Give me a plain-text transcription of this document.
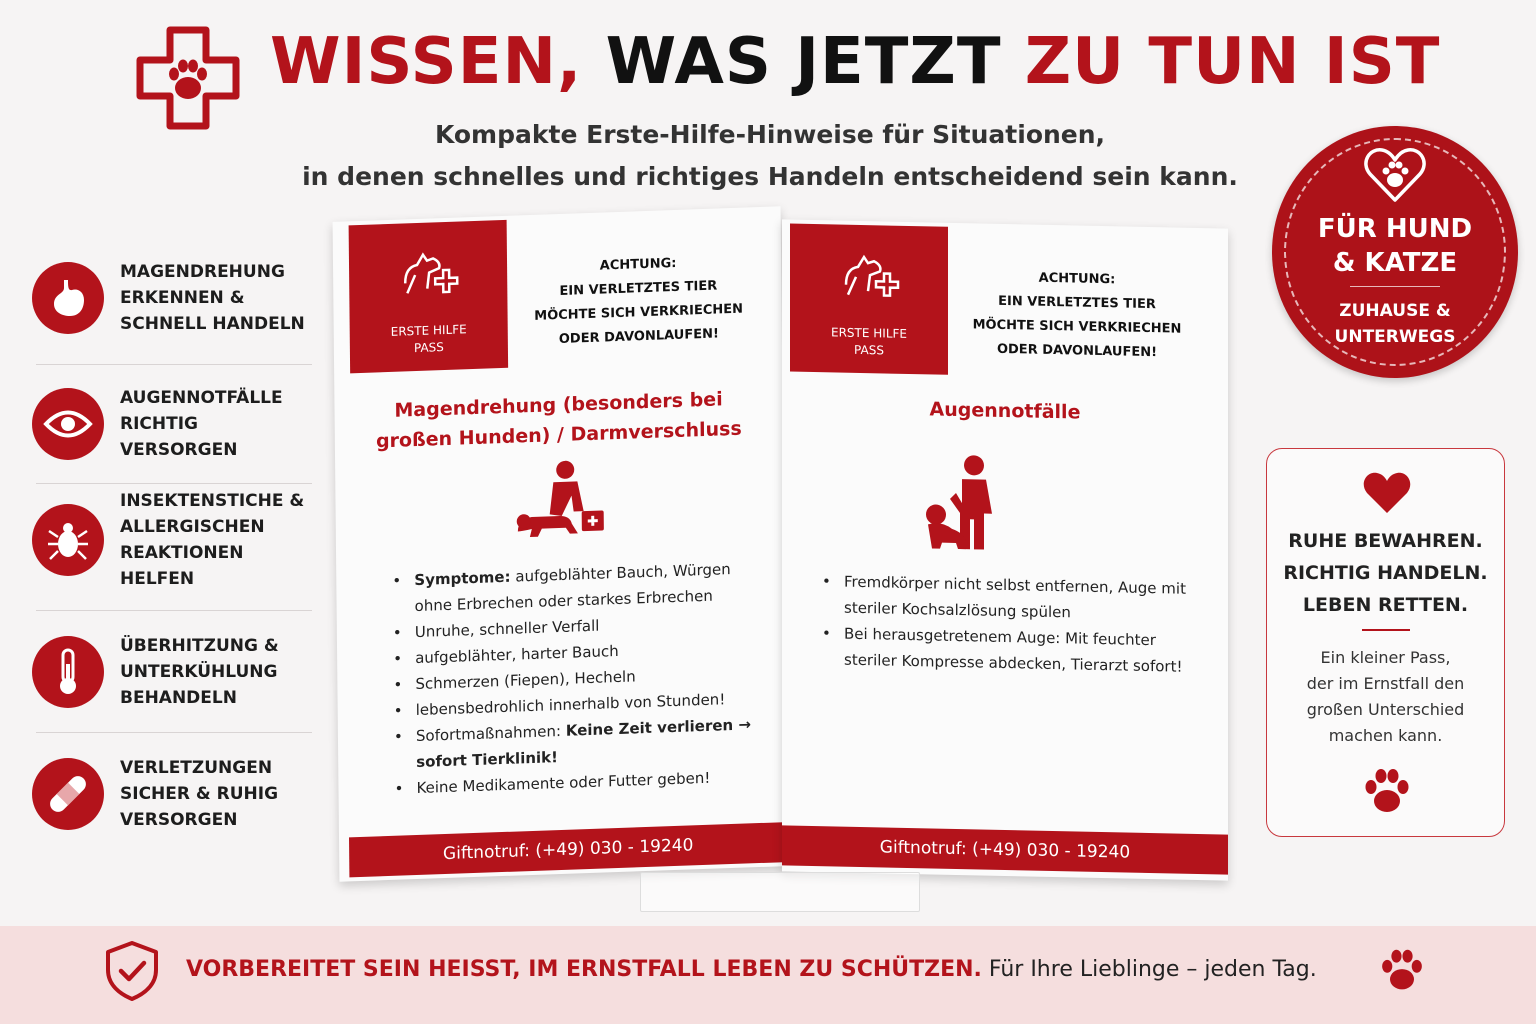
WISSEN, WAS JETZT ZU TUN IST
Kompakte Erste-Hilfe-Hinweise für Situationen,
in denen schnelles und richtiges Handeln entscheidend sein kann.
MAGENDREHUNG
ERKENNEN &
SCHNELL HANDELN
AUGENNOTFÄLLE
RICHTIG VERSORGEN
INSEKTENSTICHE &
ALLERGISCHEN
REAKTIONEN HELFEN
ÜBERHITZUNG &
UNTERKÜHLUNG
BEHANDELN
VERLETZUNGEN
SICHER & RUHIG
VERSORGEN
ERSTE HILFE
PASS
ACHTUNG:
EIN VERLETZTES TIER
MÖCHTE SICH VERKRIECHEN
ODER DAVONLAUFEN!
Magendrehung (besonders bei
großen Hunden) / Darmverschluss
• Symptome: aufgeblähter Bauch, Würgen ohne Erbrechen oder starkes Erbrechen
• Unruhe, schneller Verfall
• aufgeblähter, harter Bauch
• Schmerzen (Fiepen), Hecheln
• lebensbedrohlich innerhalb von Stunden!
• Sofortmaßnahmen: Keine Zeit verlieren → sofort Tierklinik!
• Keine Medikamente oder Futter geben!
Giftnotruf: (+49) 030 - 19240
ERSTE HILFE
PASS
ACHTUNG:
EIN VERLETZTES TIER
MÖCHTE SICH VERKRIECHEN
ODER DAVONLAUFEN!
Augennotfälle
• Fremdkörper nicht selbst entfernen, Auge mit steriler Kochsalzlösung spülen
• Bei herausgetretenem Auge: Mit feuchter steriler Kompresse abdecken, Tierarzt sofort!
Giftnotruf: (+49) 030 - 19240
FÜR HUND
& KATZE
ZUHAUSE &
UNTERWEGS
RUHE BEWAHREN.
RICHTIG HANDELN.
LEBEN RETTEN.
Ein kleiner Pass,
der im Ernstfall den
großen Unterschied
machen kann.
VORBEREITET SEIN HEISST, IM ERNSTFALL LEBEN ZU SCHÜTZEN. Für Ihre Lieblinge – jeden Tag.
